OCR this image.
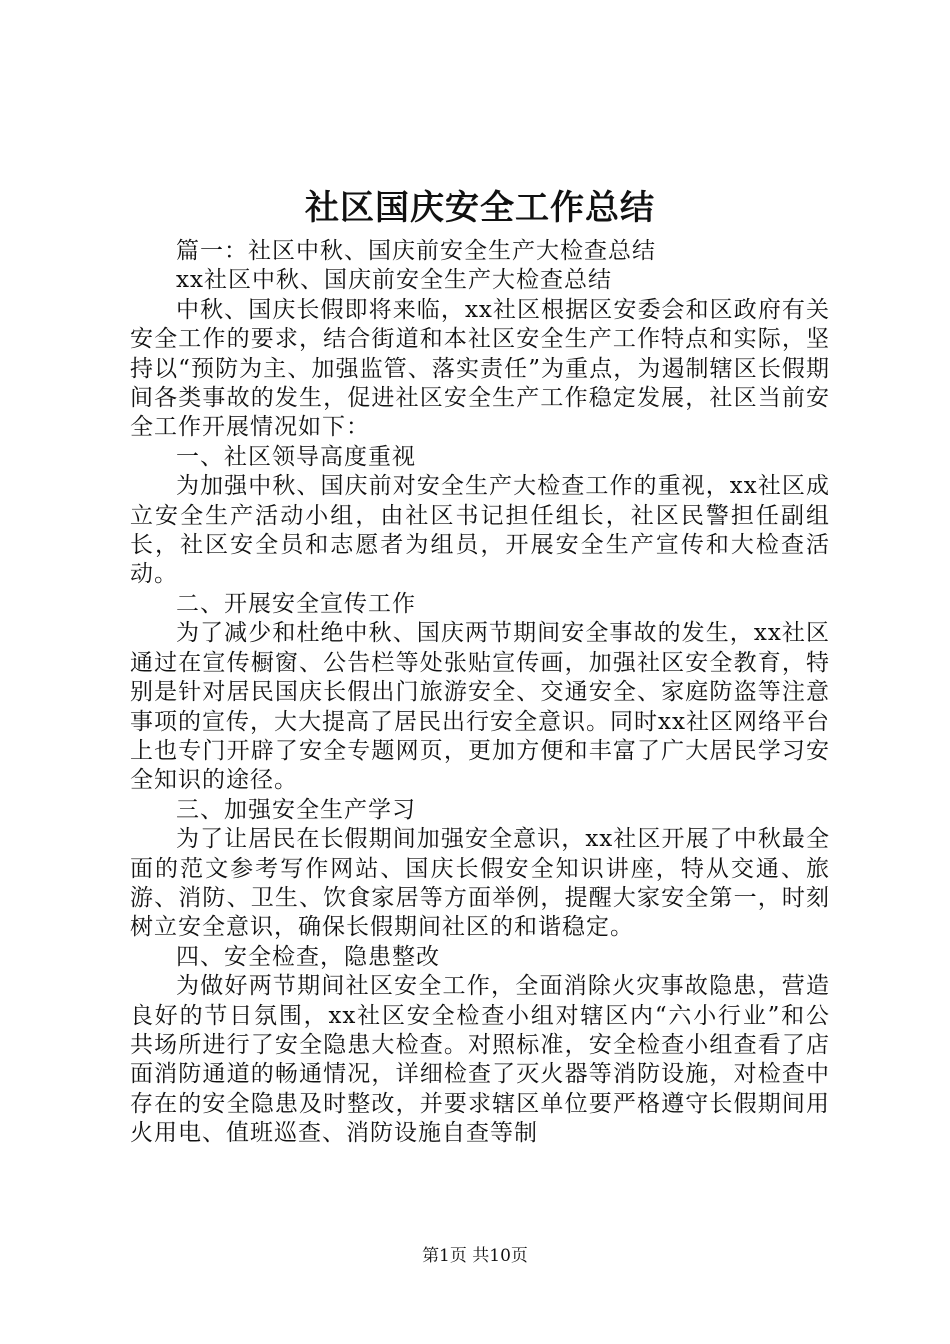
社区国庆安全工作总结

篇一：社区中秋、国庆前安全生产大检查总结

xx社区中秋、国庆前安全生产大检查总结

中秋、国庆长假即将来临，xx社区根据区安委会和区政府有关安全工作的要求，结合街道和本社区安全生产工作特点和实际，坚持以“预防为主、加强监管、落实责任”为重点，为遏制辖区长假期间各类事故的发生，促进社区安全生产工作稳定发展，社区当前安全工作开展情况如下：

一、社区领导高度重视

为加强中秋、国庆前对安全生产大检查工作的重视，xx社区成立安全生产活动小组，由社区书记担任组长，社区民警担任副组长，社区安全员和志愿者为组员，开展安全生产宣传和大检查活动。

二、开展安全宣传工作

为了减少和杜绝中秋、国庆两节期间安全事故的发生，xx社区通过在宣传橱窗、公告栏等处张贴宣传画，加强社区安全教育，特别是针对居民国庆长假出门旅游安全、交通安全、家庭防盗等注意事项的宣传，大大提高了居民出行安全意识。同时xx社区网络平台上也专门开辟了安全专题网页，更加方便和丰富了广大居民学习安全知识的途径。

三、加强安全生产学习

为了让居民在长假期间加强安全意识，xx社区开展了中秋最全面的范文参考写作网站、国庆长假安全知识讲座，特从交通、旅游、消防、卫生、饮食家居等方面举例，提醒大家安全第一，时刻树立安全意识，确保长假期间社区的和谐稳定。

四、安全检查，隐患整改

为做好两节期间社区安全工作，全面消除火灾事故隐患，营造良好的节日氛围，xx社区安全检查小组对辖区内“六小行业”和公共场所进行了安全隐患大检查。对照标准，安全检查小组查看了店面消防通道的畅通情况，详细检查了灭火器等消防设施，对检查中存在的安全隐患及时整改，并要求辖区单位要严格遵守长假期间用火用电、值班巡查、消防设施自查等制

第1页 共10页
